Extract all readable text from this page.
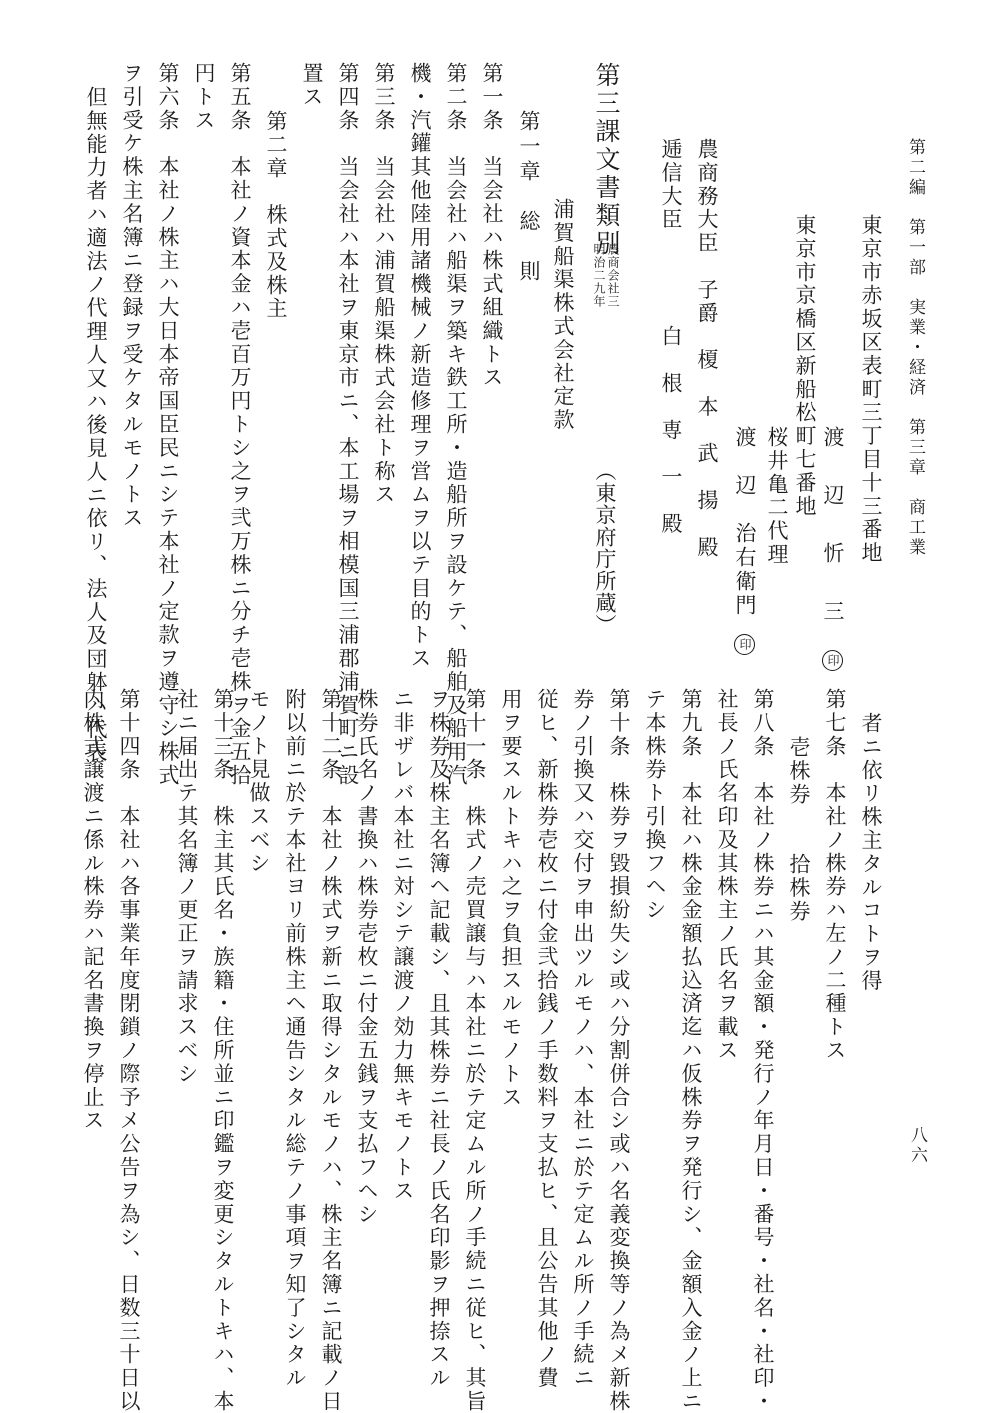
第二編　第一部　実業・経済　第三章　商工業
八六
東京市赤坂区表町三丁目十三番地
渡　辺　忻　三 印
東京市京橋区新船松町七番地
桜井亀二代理
渡　辺　治右衛門 印
農商務大臣　子爵　榎　本　武　揚　殿
逓信大臣　　　　白　根　専　一　殿
第三課文書類別
農商会社三
明治二九年
（東京府庁所蔵）
浦賀船渠株式会社定款
第一章　総　則
第一条　当会社ハ株式組織トス
第二条　当会社ハ船渠ヲ築キ鉄工所・造船所ヲ設ケテ、船舶及船用汽
機・汽鑵其他陸用諸機械ノ新造修理ヲ営ムヲ以テ目的トス
第三条　当会社ハ浦賀船渠株式会社ト称ス
第四条　当会社ハ本社ヲ東京市ニ、本工場ヲ相模国三浦郡浦賀町ニ設
置ス
第二章　株式及株主
第五条　本社ノ資本金ハ壱百万円トシ之ヲ弐万株ニ分チ壱株ヲ金五拾
円トス
第六条　本社ノ株主ハ大日本帝国臣民ニシテ本社ノ定款ヲ遵守シ株式
ヲ引受ケ株主名簿ニ登録ヲ受ケタルモノトス
但無能力者ハ適法ノ代理人又ハ後見人ニ依リ、法人及団躰ハ代表
者ニ依リ株主タルコトヲ得
第七条　本社ノ株券ハ左ノ二種トス
壱株券　　拾株券
第八条　本社ノ株券ニハ其金額・発行ノ年月日・番号・社名・社印・
社長ノ氏名印及其株主ノ氏名ヲ載ス
第九条　本社ハ株金金額払込済迄ハ仮株券ヲ発行シ、金額入金ノ上ニ
テ本株券ト引換フヘシ
第十条　株券ヲ毀損紛失シ或ハ分割併合シ或ハ名義変換等ノ為メ新株
券ノ引換又ハ交付ヲ申出ツルモノハ、本社ニ於テ定ムル所ノ手続ニ
従ヒ、新株券壱枚ニ付金弐拾銭ノ手数料ヲ支払ヒ、且公告其他ノ費
用ヲ要スルトキハ之ヲ負担スルモノトス
第十一条　株式ノ売買譲与ハ本社ニ於テ定ムル所ノ手続ニ従ヒ、其旨
ヲ株券及株主名簿ヘ記載シ、且其株券ニ社長ノ氏名印影ヲ押捺スル
ニ非ザレバ本社ニ対シテ譲渡ノ効力無キモノトス
株券氏名ノ書換ハ株券壱枚ニ付金五銭ヲ支払フヘシ
第十二条　本社ノ株式ヲ新ニ取得シタルモノハ、株主名簿ニ記載ノ日
附以前ニ於テ本社ヨリ前株主ヘ通告シタル総テノ事項ヲ知了シタル
モノト見做スベシ
第十三条　株主其氏名・族籍・住所並ニ印鑑ヲ変更シタルトキハ、本
社ニ届出テ其名簿ノ更正ヲ請求スベシ
第十四条　本社ハ各事業年度閉鎖ノ際予メ公告ヲ為シ、日数三十日以
内株式譲渡ニ係ル株券ハ記名書換ヲ停止ス
